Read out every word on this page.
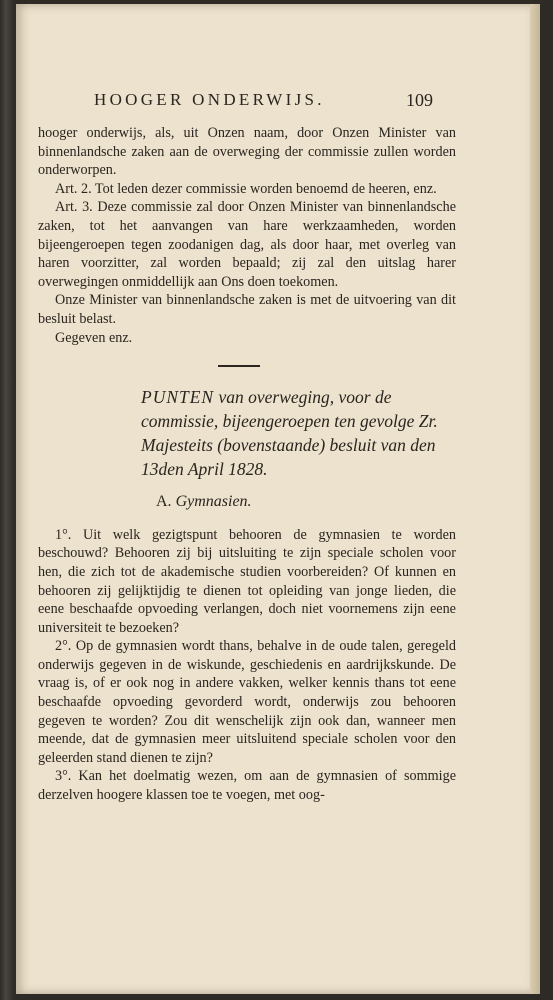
HOOGER ONDERWIJS.	109

hooger onderwijs, als, uit Onzen naam, door Onzen Minister van binnenlandsche zaken aan de overweging der commissie zullen worden onderworpen.

Art. 2. Tot leden dezer commissie worden benoemd de heeren, enz.

Art. 3. Deze commissie zal door Onzen Minister van binnenlandsche zaken, tot het aanvangen van hare werkzaamheden, worden bijeengeroepen tegen zoodanigen dag, als door haar, met overleg van haren voorzitter, zal worden bepaald; zij zal den uitslag harer overwegingen onmiddellijk aan Ons doen toekomen.

Onze Minister van binnenlandsche zaken is met de uitvoering van dit besluit belast.

Gegeven enz.

PUNTEN van overweging, voor de commissie, bijeengeroepen ten gevolge Zr. Majesteits (bovenstaande) besluit van den 13den April 1828.

A. Gymnasien.

1°. Uit welk gezigtspunt behooren de gymnasien te worden beschouwd? Behooren zij bij uitsluiting te zijn speciale scholen voor hen, die zich tot de akademische studien voorbereiden? Of kunnen en behooren zij gelijktijdig te dienen tot opleiding van jonge lieden, die eene beschaafde opvoeding verlangen, doch niet voornemens zijn eene universiteit te bezoeken?

2°. Op de gymnasien wordt thans, behalve in de oude talen, geregeld onderwijs gegeven in de wiskunde, geschiedenis en aardrijkskunde. De vraag is, of er ook nog in andere vakken, welker kennis thans tot eene beschaafde opvoeding gevorderd wordt, onderwijs zou behooren gegeven te worden? Zou dit wenschelijk zijn ook dan, wanneer men meende, dat de gymnasien meer uitsluitend speciale scholen voor den geleerden stand dienen te zijn?

3°. Kan het doelmatig wezen, om aan de gymnasien of sommige derzelven hoogere klassen toe te voegen, met oog-
